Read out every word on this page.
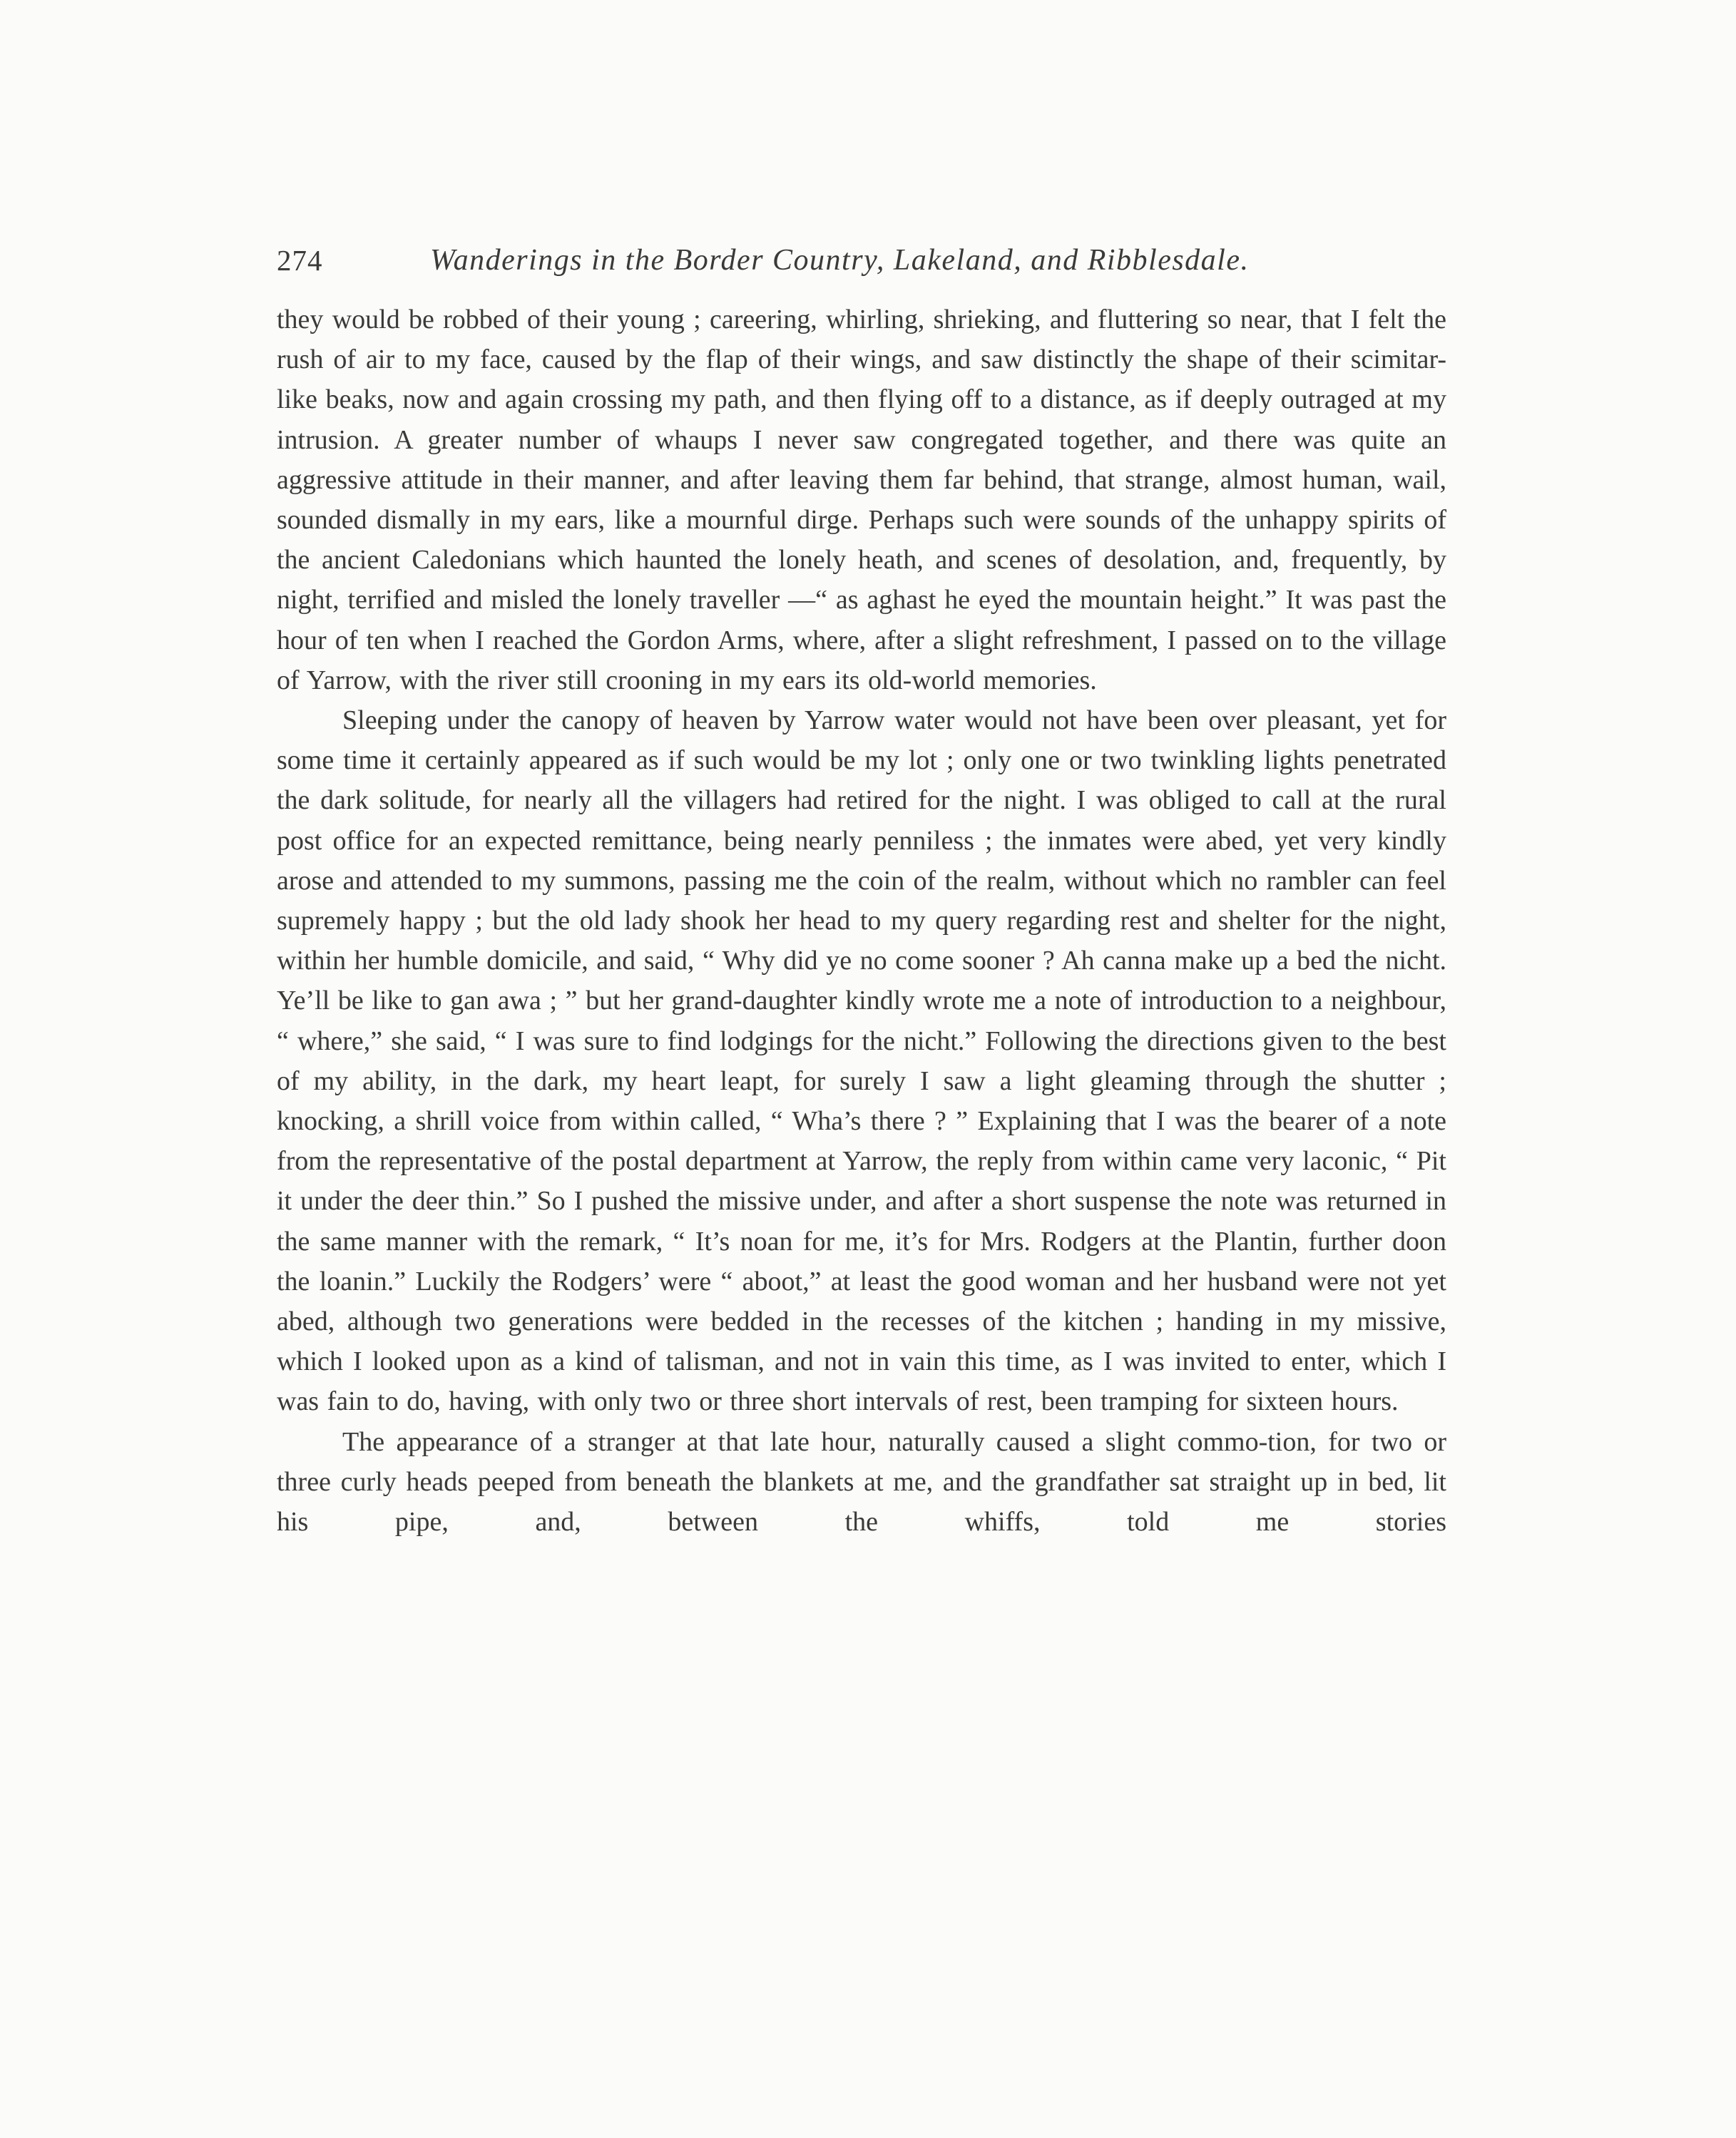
274	Wanderings in the Border Country, Lakeland, and Ribblesdale.

they would be robbed of their young ; careering, whirling, shrieking, and fluttering so near, that I felt the rush of air to my face, caused by the flap of their wings, and saw distinctly the shape of their scimitar-like beaks, now and again crossing my path, and then flying off to a distance, as if deeply outraged at my intrusion. A greater number of whaups I never saw congregated together, and there was quite an aggressive attitude in their manner, and after leaving them far behind, that strange, almost human, wail, sounded dismally in my ears, like a mournful dirge. Perhaps such were sounds of the unhappy spirits of the ancient Caledonians which haunted the lonely heath, and scenes of desolation, and, frequently, by night, terrified and misled the lonely traveller —“ as aghast he eyed the mountain height.” It was past the hour of ten when I reached the Gordon Arms, where, after a slight refreshment, I passed on to the village of Yarrow, with the river still crooning in my ears its old-world memories.

Sleeping under the canopy of heaven by Yarrow water would not have been over pleasant, yet for some time it certainly appeared as if such would be my lot ; only one or two twinkling lights penetrated the dark solitude, for nearly all the villagers had retired for the night. I was obliged to call at the rural post office for an expected remittance, being nearly penniless ; the inmates were abed, yet very kindly arose and attended to my summons, passing me the coin of the realm, without which no rambler can feel supremely happy ; but the old lady shook her head to my query regarding rest and shelter for the night, within her humble domicile, and said, “ Why did ye no come sooner ? Ah canna make up a bed the nicht. Ye’ll be like to gan awa ; ” but her grand-daughter kindly wrote me a note of introduction to a neighbour, “ where,” she said, “ I was sure to find lodgings for the nicht.” Following the directions given to the best of my ability, in the dark, my heart leapt, for surely I saw a light gleaming through the shutter ; knocking, a shrill voice from within called, “ Wha’s there ? ” Explaining that I was the bearer of a note from the representative of the postal department at Yarrow, the reply from within came very laconic, “ Pit it under the deer thin.” So I pushed the missive under, and after a short suspense the note was returned in the same manner with the remark, “ It’s noan for me, it’s for Mrs. Rodgers at the Plantin, further doon the loanin.” Luckily the Rodgers’ were “ aboot,” at least the good woman and her husband were not yet abed, although two generations were bedded in the recesses of the kitchen ; handing in my missive, which I looked upon as a kind of talisman, and not in vain this time, as I was invited to enter, which I was fain to do, having, with only two or three short intervals of rest, been tramping for sixteen hours.

The appearance of a stranger at that late hour, naturally caused a slight commo-tion, for two or three curly heads peeped from beneath the blankets at me, and the grandfather sat straight up in bed, lit his pipe, and, between the whiffs, told me stories
